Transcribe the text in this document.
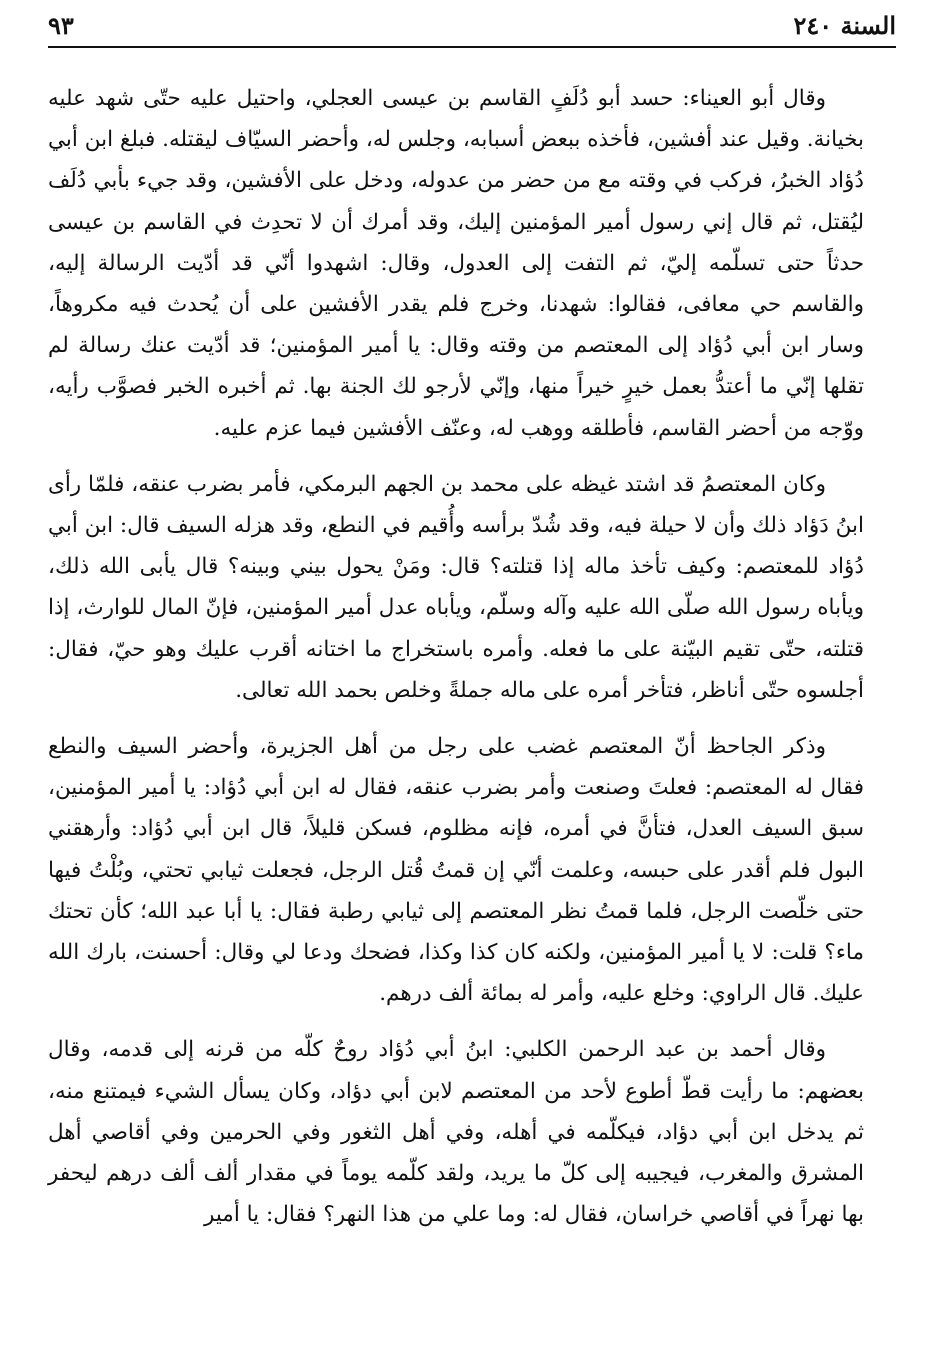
السنة ٢٤٠
٩٣

وقال أبو العيناء: حسد أبو دُلَفٍ القاسم بن عيسى العجلي، واحتيل عليه حتّى شهد عليه بخيانة. وقيل عند أفشين، فأخذه ببعض أسبابه، وجلس له، وأحضر السيّاف ليقتله. فبلغ ابن أبي دُؤاد الخبرُ، فركب في وقته مع من حضر من عدوله، ودخل على الأفشين، وقد جيء بأبي دُلَف ليُقتل، ثم قال إني رسول أمير المؤمنين إليك، وقد أمرك أن لا تحدِث في القاسم بن عيسى حدثاً حتى تسلّمه إليّ، ثم التفت إلى العدول، وقال: اشهدوا أنّي قد أدّيت الرسالة إليه، والقاسم حي معافى، فقالوا: شهدنا، وخرج فلم يقدر الأفشين على أن يُحدث فيه مكروهاً، وسار ابن أبي دُؤاد إلى المعتصم من وقته وقال: يا أمير المؤمنين؛ قد أدّيت عنك رسالة لم تقلها إنّي ما أعتدُّ بعمل خيرٍ خيراً منها، وإنّي لأرجو لك الجنة بها. ثم أخبره الخبر فصوَّب رأيه، ووّجه من أحضر القاسم، فأطلقه ووهب له، وعنّف الأفشين فيما عزم عليه.

وكان المعتصمُ قد اشتد غيظه على محمد بن الجهم البرمكي، فأمر بضرب عنقه، فلمّا رأى ابنُ دَؤاد ذلك وأن لا حيلة فيه، وقد شُدّ برأسه وأُقيم في النطع، وقد هزله السيف قال: ابن أبي دُؤاد للمعتصم: وكيف تأخذ ماله إذا قتلته؟ قال: ومَنْ يحول بيني وبينه؟ قال يأبى الله ذلك، ويأباه رسول الله صلّى الله عليه وآله وسلّم، ويأباه عدل أمير المؤمنين، فإنّ المال للوارث، إذا قتلته، حتّى تقيم البيّنة على ما فعله. وأمره باستخراج ما اختانه أقرب عليك وهو حيّ، فقال: أجلسوه حتّى أناظر، فتأخر أمره على ماله جملةً وخلص بحمد الله تعالى.

وذكر الجاحظ أنّ المعتصم غضب على رجل من أهل الجزيرة، وأحضر السيف والنطع فقال له المعتصم: فعلتَ وصنعت وأمر بضرب عنقه، فقال له ابن أبي دُؤاد: يا أمير المؤمنين، سبق السيف العدل، فتأنَّ في أمره، فإنه مظلوم، فسكن قليلاً، قال ابن أبي دُؤاد: وأرهقني البول فلم أقدر على حبسه، وعلمت أنّي إن قمتُ قُتل الرجل، فجعلت ثيابي تحتي، وبُلْتُ فيها حتى خلّصت الرجل، فلما قمتُ نظر المعتصم إلى ثيابي رطبة فقال: يا أبا عبد الله؛ كأن تحتك ماء؟ قلت: لا يا أمير المؤمنين، ولكنه كان كذا وكذا، فضحك ودعا لي وقال: أحسنت، بارك الله عليك. قال الراوي: وخلع عليه، وأمر له بمائة ألف درهم.

وقال أحمد بن عبد الرحمن الكلبي: ابنُ أبي دُؤاد روحٌ كلّه من قرنه إلى قدمه، وقال بعضهم: ما رأيت قطّ أطوع لأحد من المعتصم لابن أبي دؤاد، وكان يسأل الشيء فيمتنع منه، ثم يدخل ابن أبي دؤاد، فيكلّمه في أهله، وفي أهل الثغور وفي الحرمين وفي أقاصي أهل المشرق والمغرب، فيجيبه إلى كلّ ما يريد، ولقد كلّمه يوماً في مقدار ألف ألف درهم ليحفر بها نهراً في أقاصي خراسان، فقال له: وما علي من هذا النهر؟ فقال: يا أمير
